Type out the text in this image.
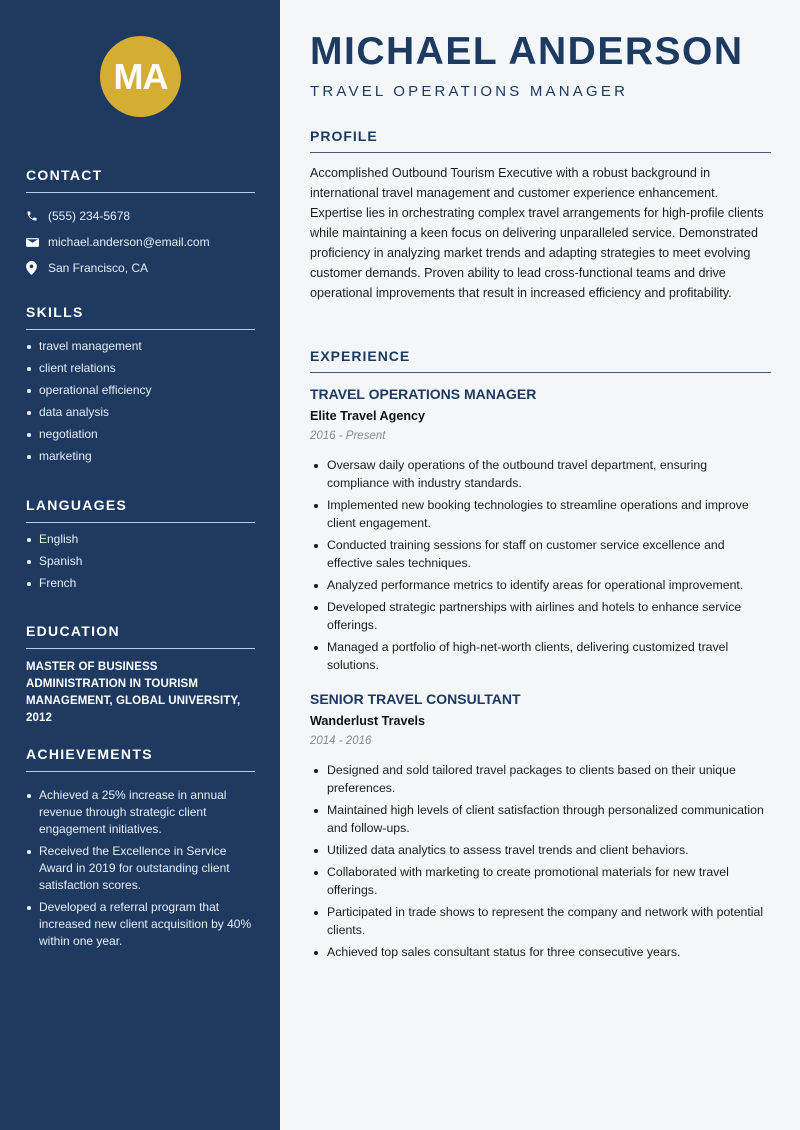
MA
CONTACT
(555) 234-5678
michael.anderson@email.com
San Francisco, CA
SKILLS
travel management
client relations
operational efficiency
data analysis
negotiation
marketing
LANGUAGES
English
Spanish
French
EDUCATION
MASTER OF BUSINESS ADMINISTRATION IN TOURISM MANAGEMENT, GLOBAL UNIVERSITY, 2012
ACHIEVEMENTS
Achieved a 25% increase in annual revenue through strategic client engagement initiatives.
Received the Excellence in Service Award in 2019 for outstanding client satisfaction scores.
Developed a referral program that increased new client acquisition by 40% within one year.
MICHAEL ANDERSON
TRAVEL OPERATIONS MANAGER
PROFILE

Accomplished Outbound Tourism Executive with a robust background in international travel management and customer experience enhancement. Expertise lies in orchestrating complex travel arrangements for high-profile clients while maintaining a keen focus on delivering unparalleled service. Demonstrated proficiency in analyzing market trends and adapting strategies to meet evolving customer demands. Proven ability to lead cross-functional teams and drive operational improvements that result in increased efficiency and profitability.

EXPERIENCE
TRAVEL OPERATIONS MANAGER
Elite Travel Agency
2016 - Present
Oversaw daily operations of the outbound travel department, ensuring compliance with industry standards.
Implemented new booking technologies to streamline operations and improve client engagement.
Conducted training sessions for staff on customer service excellence and effective sales techniques.
Analyzed performance metrics to identify areas for operational improvement.
Developed strategic partnerships with airlines and hotels to enhance service offerings.
Managed a portfolio of high-net-worth clients, delivering customized travel solutions.
SENIOR TRAVEL CONSULTANT
Wanderlust Travels
2014 - 2016
Designed and sold tailored travel packages to clients based on their unique preferences.
Maintained high levels of client satisfaction through personalized communication and follow-ups.
Utilized data analytics to assess travel trends and client behaviors.
Collaborated with marketing to create promotional materials for new travel offerings.
Participated in trade shows to represent the company and network with potential clients.
Achieved top sales consultant status for three consecutive years.
